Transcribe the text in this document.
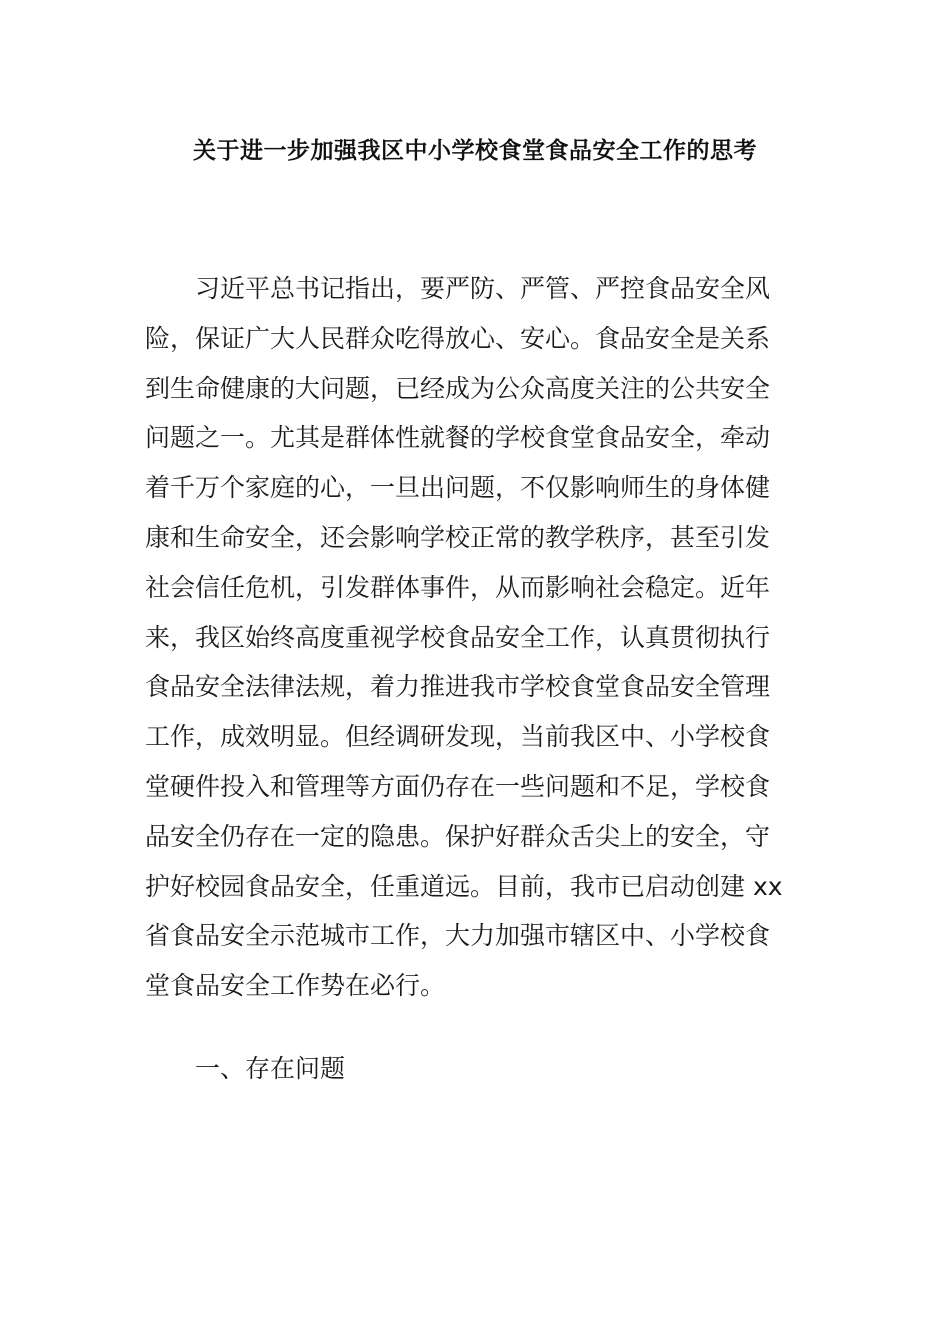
关于进一步加强我区中小学校食堂食品安全工作的思考
习近平总书记指出，要严防、严管、严控食品安全风
险，保证广大人民群众吃得放心、安心。食品安全是关系
到生命健康的大问题，已经成为公众高度关注的公共安全
问题之一。尤其是群体性就餐的学校食堂食品安全，牵动
着千万个家庭的心，一旦出问题，不仅影响师生的身体健
康和生命安全，还会影响学校正常的教学秩序，甚至引发
社会信任危机，引发群体事件，从而影响社会稳定。近年
来，我区始终高度重视学校食品安全工作，认真贯彻执行
食品安全法律法规，着力推进我市学校食堂食品安全管理
工作，成效明显。但经调研发现，当前我区中、小学校食
堂硬件投入和管理等方面仍存在一些问题和不足，学校食
品安全仍存在一定的隐患。保护好群众舌尖上的安全，守
护好校园食品安全，任重道远。目前，我市已启动创建 xx
省食品安全示范城市工作，大力加强市辖区中、小学校食
堂食品安全工作势在必行。
一、存在问题
